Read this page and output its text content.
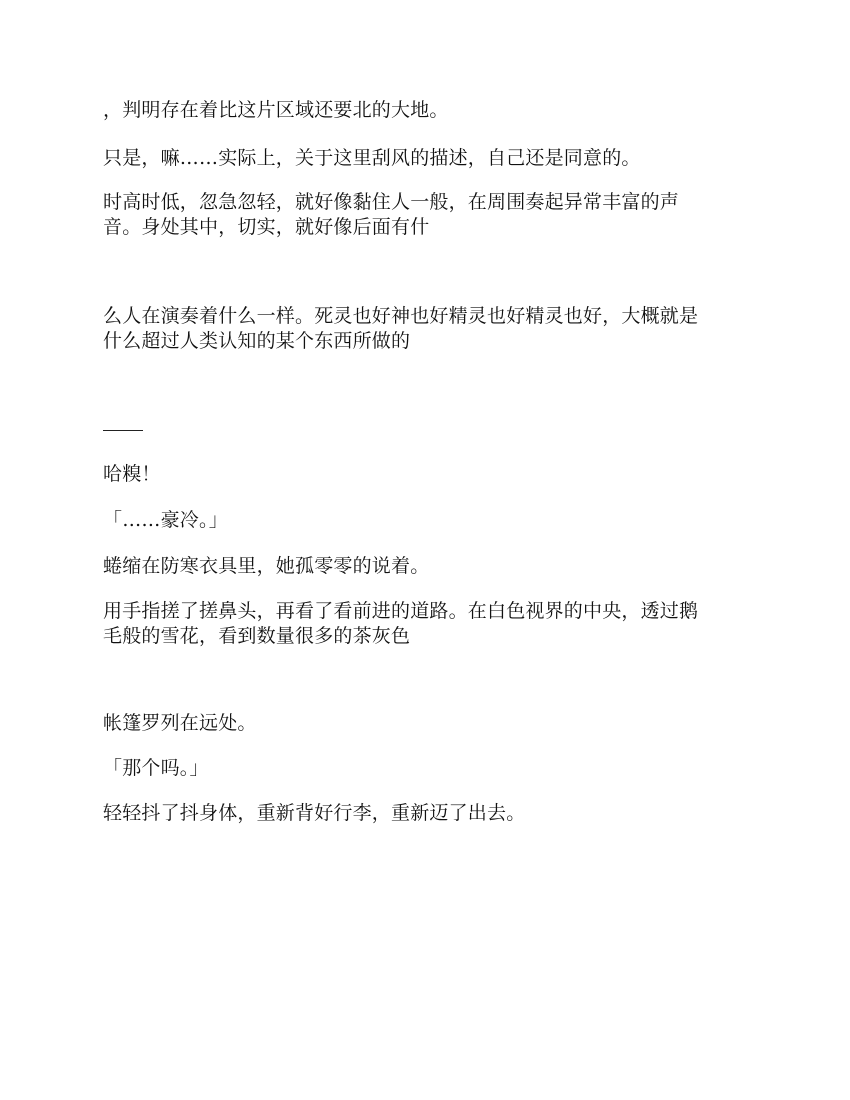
，判明存在着比这片区域还要北的大地。
只是，嘛……实际上，关于这里刮风的描述，自己还是同意的。
时高时低，忽急忽轻，就好像黏住人一般，在周围奏起异常丰富的声
音。身处其中，切实，就好像后面有什
么人在演奏着什么一样。死灵也好神也好精灵也好精灵也好，大概就是
什么超过人类认知的某个东西所做的
哈糗！
「……豪冷。」
蜷缩在防寒衣具里，她孤零零的说着。
用手指搓了搓鼻头，再看了看前进的道路。在白色视界的中央，透过鹅
毛般的雪花，看到数量很多的茶灰色
帐篷罗列在远处。
「那个吗。」
轻轻抖了抖身体，重新背好行李，重新迈了出去。
